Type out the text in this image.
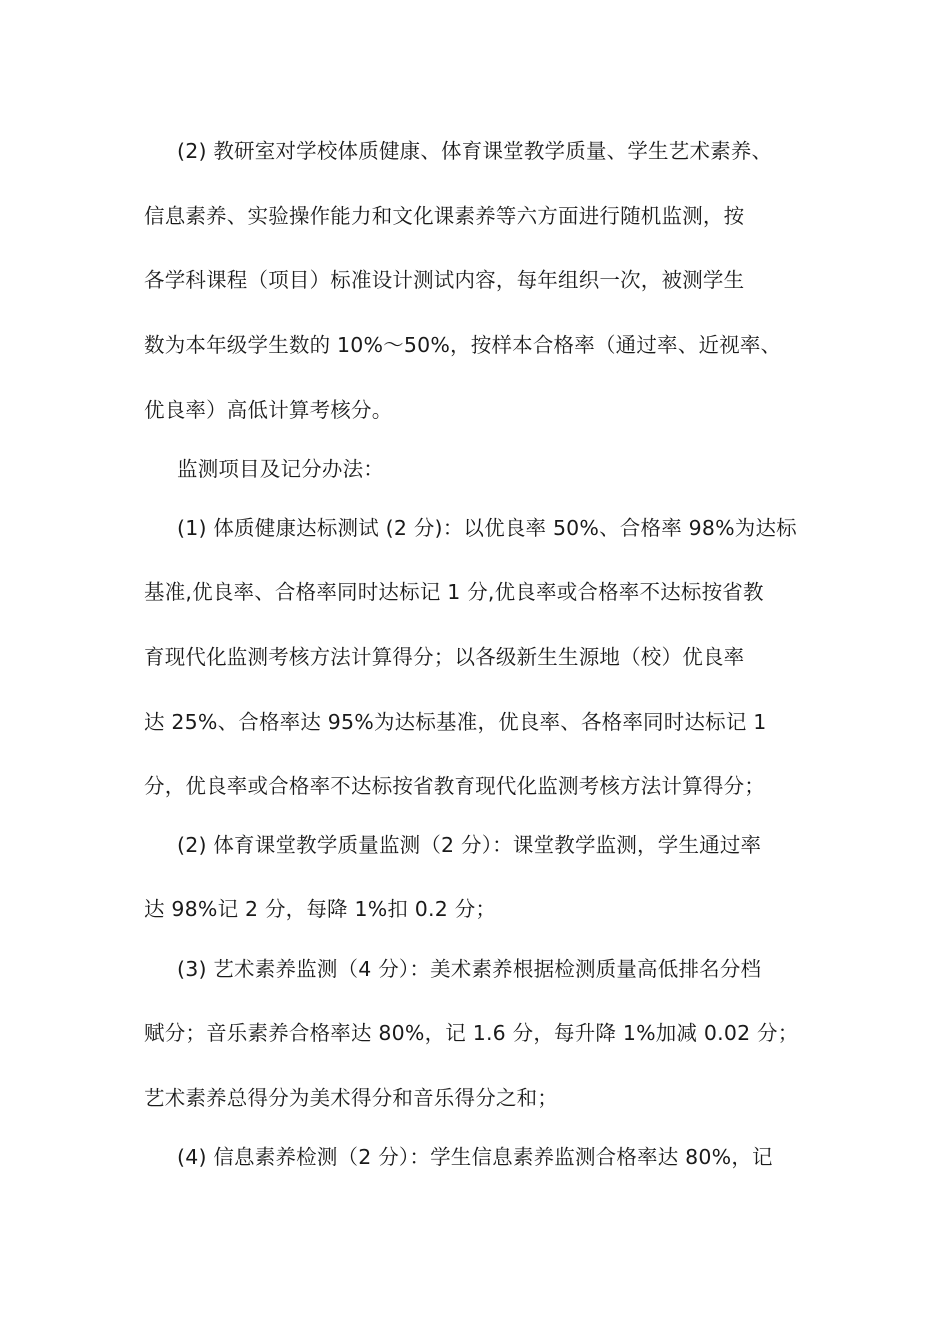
(2) 教研室对学校体质健康、体育课堂教学质量、学生艺术素养、
信息素养、实验操作能力和文化课素养等六方面进行随机监测，按
各学科课程（项目）标准设计测试内容，每年组织一次，被测学生
数为本年级学生数的 10%～50%，按样本合格率（通过率、近视率、
优良率）高低计算考核分。
监测项目及记分办法：
(1) 体质健康达标测试 (2 分)：以优良率 50%、合格率 98%为达标
基准,优良率、合格率同时达标记 1 分,优良率或合格率不达标按省教
育现代化监测考核方法计算得分；以各级新生生源地（校）优良率
达 25%、合格率达 95%为达标基准，优良率、各格率同时达标记 1
分，优良率或合格率不达标按省教育现代化监测考核方法计算得分；
(2) 体育课堂教学质量监测（2 分）：课堂教学监测，学生通过率
达 98%记 2 分，每降 1%扣 0.2 分；
(3) 艺术素养监测（4 分）：美术素养根据检测质量高低排名分档
赋分；音乐素养合格率达 80%，记 1.6 分，每升降 1%加减 0.02 分；
艺术素养总得分为美术得分和音乐得分之和；
(4) 信息素养检测（2 分）：学生信息素养监测合格率达 80%，记
